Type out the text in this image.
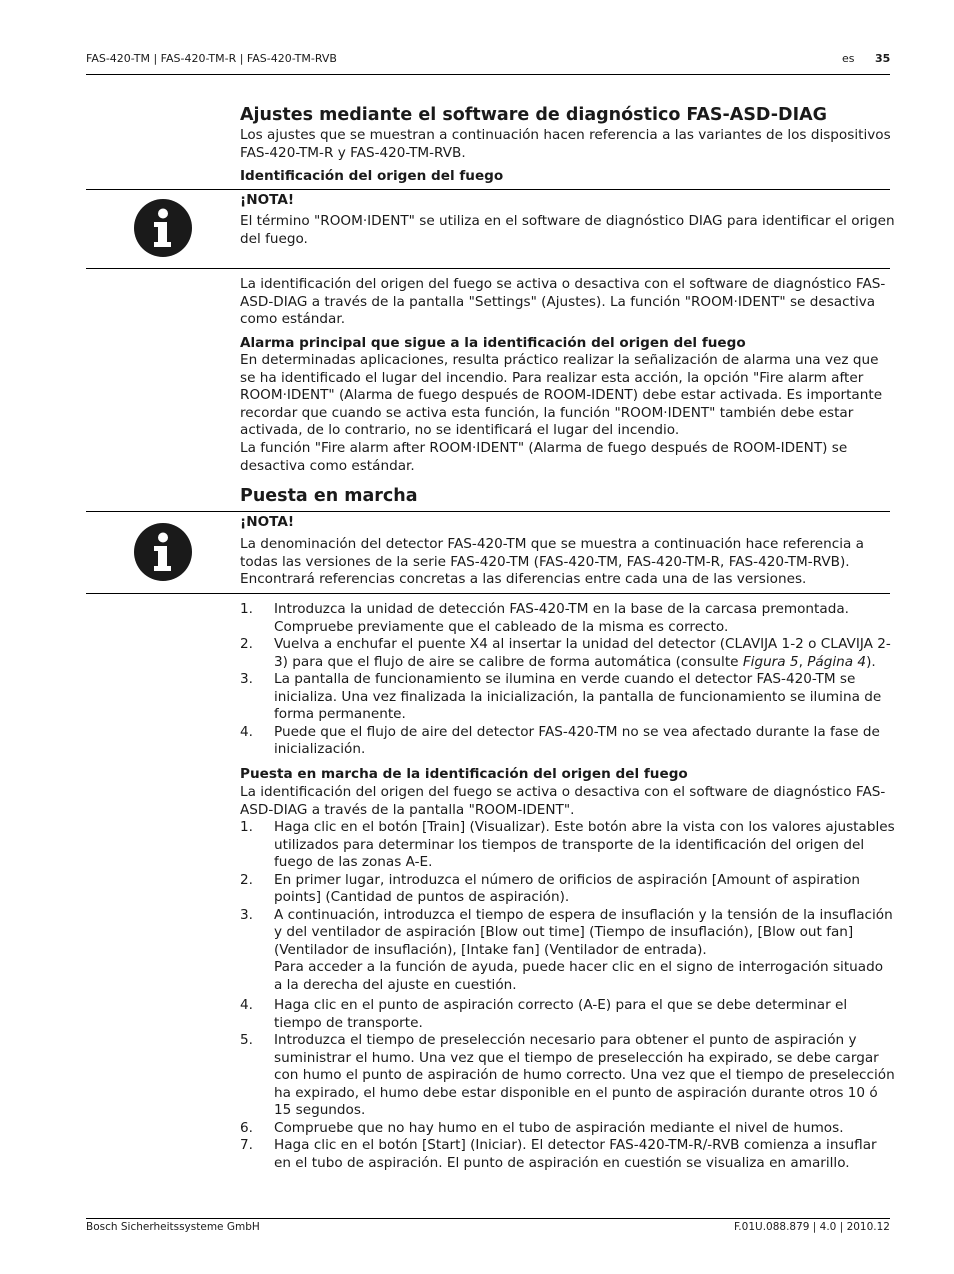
FAS-420-TM | FAS-420-TM-R | FAS-420-TM-RVB	es 35
Ajustes mediante el software de diagnóstico FAS-ASD-DIAG
Los ajustes que se muestran a continuación hacen referencia a las variantes de los dispositivos FAS-420-TM-R y FAS-420-TM-RVB.
Identificación del origen del fuego
¡NOTA!
El término "ROOM·IDENT" se utiliza en el software de diagnóstico DIAG para identificar el origen del fuego.
La identificación del origen del fuego se activa o desactiva con el software de diagnóstico FAS-ASD-DIAG a través de la pantalla "Settings" (Ajustes). La función "ROOM·IDENT" se desactiva como estándar.
Alarma principal que sigue a la identificación del origen del fuego
En determinadas aplicaciones, resulta práctico realizar la señalización de alarma una vez que se ha identificado el lugar del incendio. Para realizar esta acción, la opción "Fire alarm after ROOM·IDENT" (Alarma de fuego después de ROOM-IDENT) debe estar activada. Es importante recordar que cuando se activa esta función, la función "ROOM·IDENT" también debe estar activada, de lo contrario, no se identificará el lugar del incendio.
La función "Fire alarm after ROOM·IDENT" (Alarma de fuego después de ROOM-IDENT) se desactiva como estándar.
Puesta en marcha
¡NOTA!
La denominación del detector FAS-420-TM que se muestra a continuación hace referencia a todas las versiones de la serie FAS-420-TM (FAS-420-TM, FAS-420-TM-R, FAS-420-TM-RVB). Encontrará referencias concretas a las diferencias entre cada una de las versiones.
1. Introduzca la unidad de detección FAS-420-TM en la base de la carcasa premontada. Compruebe previamente que el cableado de la misma es correcto.
2. Vuelva a enchufar el puente X4 al insertar la unidad del detector (CLAVIJA 1-2 o CLAVIJA 2-3) para que el flujo de aire se calibre de forma automática (consulte Figura 5, Página 4).
3. La pantalla de funcionamiento se ilumina en verde cuando el detector FAS-420-TM se inicializa. Una vez finalizada la inicialización, la pantalla de funcionamiento se ilumina de forma permanente.
4. Puede que el flujo de aire del detector FAS-420-TM no se vea afectado durante la fase de inicialización.
Puesta en marcha de la identificación del origen del fuego
La identificación del origen del fuego se activa o desactiva con el software de diagnóstico FAS-ASD-DIAG a través de la pantalla "ROOM-IDENT".
1. Haga clic en el botón [Train] (Visualizar). Este botón abre la vista con los valores ajustables utilizados para determinar los tiempos de transporte de la identificación del origen del fuego de las zonas A-E.
2. En primer lugar, introduzca el número de orificios de aspiración [Amount of aspiration points] (Cantidad de puntos de aspiración).
3. A continuación, introduzca el tiempo de espera de insuflación y la tensión de la insuflación y del ventilador de aspiración [Blow out time] (Tiempo de insuflación), [Blow out fan] (Ventilador de insuflación), [Intake fan] (Ventilador de entrada).
Para acceder a la función de ayuda, puede hacer clic en el signo de interrogación situado a la derecha del ajuste en cuestión.
4. Haga clic en el punto de aspiración correcto (A-E) para el que se debe determinar el tiempo de transporte.
5. Introduzca el tiempo de preselección necesario para obtener el punto de aspiración y suministrar el humo. Una vez que el tiempo de preselección ha expirado, se debe cargar con humo el punto de aspiración de humo correcto. Una vez que el tiempo de preselección ha expirado, el humo debe estar disponible en el punto de aspiración durante otros 10 ó 15 segundos.
6. Compruebe que no hay humo en el tubo de aspiración mediante el nivel de humos.
7. Haga clic en el botón [Start] (Iniciar). El detector FAS-420-TM-R/-RVB comienza a insuflar en el tubo de aspiración. El punto de aspiración en cuestión se visualiza en amarillo.
Bosch Sicherheitssysteme GmbH	F.01U.088.879 | 4.0 | 2010.12
